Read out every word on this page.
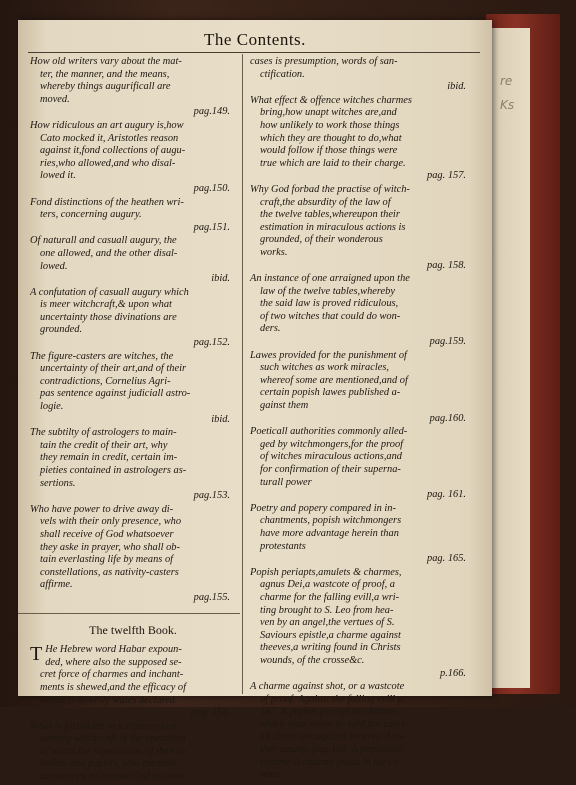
re
Ks
The Contents.
How old writers vary about the mat-
ter, the manner, and the means,
whereby things augurificall are
moved.
pag.149.
How ridiculous an art augury is,how
Cato mocked it, Aristotles reason
against it,fond collections of augu-
ries,who allowed,and who disal-
lowed it.
pag.150.
Fond distinctions of the heathen wri-
ters, concerning augury.
pag.151.
Of naturall and casuall augury, the
one allowed, and the other disal-
lowed.
ibid.
A confutation of casuall augury which
is meer witchcraft,& upon what
uncertainty those divinations are
grounded.
pag.152.
The figure-casters are witches, the
uncertainty of their art,and of their
contradictions, Cornelius Agri-
pas sentence against judiciall astro-
logie.
ibid.
The subtilty of astrologers to main-
tain the credit of their art, why
they remain in credit, certain im-
pieties contained in astrologers as-
sertions.
pag.153.
Who have power to drive away di-
vels with their only presence, who
shall receive of God whatsoever
they aske in prayer, who shall ob-
tain everlasting life by means of
constellations, as nativity-casters
affirme.
pag.155.
The twelfth Book.
T He Hebrew word Habar expoun-
ded, where also the supposed se-
cret force of charmes and inchant-
ments is shewed,and the efficacy of
words is diversly waies declared.
pag. 156.
What is forbidden in scriptures con-
cerning witchcraft,of the operation
of words,the superstition of the Ca-
balists and papists, who createth
substances, to imitate God in some
cases is presumption, words of san-
ctification.
ibid.
What effect & offence witches charmes
bring,how unapt witches are,and
how unlikely to work those things
which they are thought to do,what
would follow if those things were
true which are laid to their charge.
pag. 157.
Why God forbad the practise of witch-
craft,the absurdity of the law of
the twelve tables,whereupon their
estimation in miraculous actions is
grounded, of their wonderous
works.
pag. 158.
An instance of one arraigned upon the
law of the twelve tables,whereby
the said law is proved ridiculous,
of two witches that could do won-
ders.
pag.159.
Lawes provided for the punishment of
such witches as work miracles,
whereof some are mentioned,and of
certain popish lawes published a-
gainst them
pag.160.
Poeticall authorities commonly alled-
ged by witchmongers,for the proof
of witches miraculous actions,and
for confirmation of their superna-
turall power
pag. 161.
Poetry and popery compared in in-
chantments, popish witchmongers
have more advantage herein than
protestants
pag. 165.
Popish periapts,amulets & charmes,
agnus Dei,a wastcote of proof, a
charme for the falling evill,a wri-
ting brought to S. Leo from hea-
ven by an angel,the vertues of S.
Saviours epistle,a charme against
theeves,a writing found in Christs
wounds, of the crosse&c.
p.166.
A charme against shot, or a wastcote
of proof. Against the falling evill p.
167. A popish periapt or charme,
which must never be said,but carri-
ed about one,against theeves. Ano-
ther amulet, pag.168. A popisticall
charme.A charme found in the ca-
nons.
